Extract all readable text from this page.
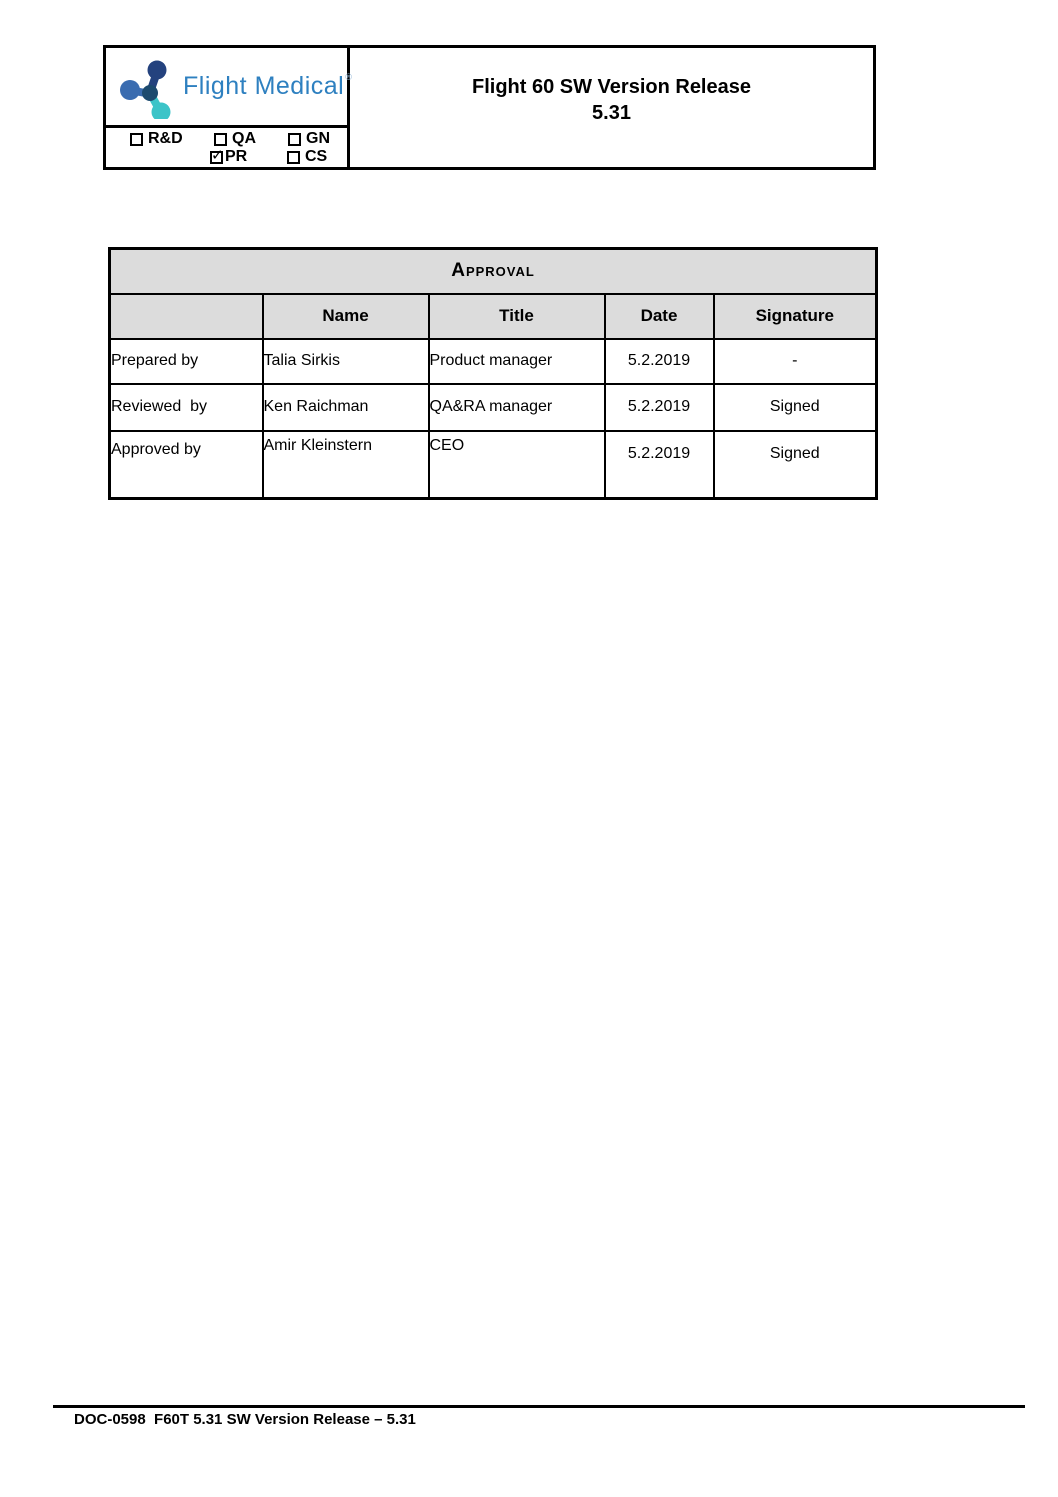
Flight Medical®
R&D	QA	GN
✓ PR	CS
Flight 60 SW Version Release
5.31
Approval				
	Name	Title	Date	Signature
Prepared by	Talia Sirkis	Product manager	5.2.2019	-
Reviewed  by	Ken Raichman	QA&RA manager	5.2.2019	Signed
Approved by	Amir Kleinstern	CEO	5.2.2019	Signed
DOC-0598  F60T 5.31 SW Version Release – 5.31
